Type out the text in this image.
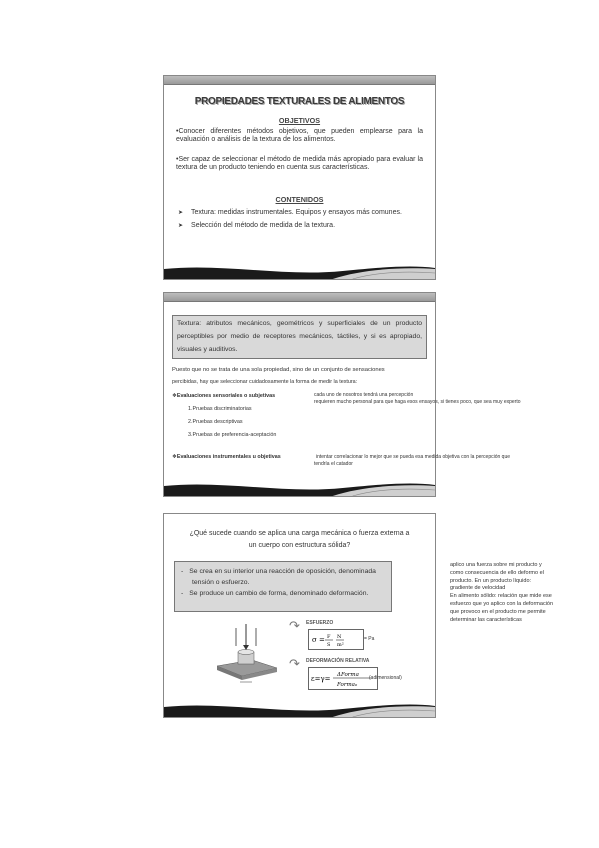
PROPIEDADES TEXTURALES DE ALIMENTOS
OBJETIVOS
•Conocer diferentes métodos objetivos, que pueden emplearse para la evaluación o análisis de la textura de los alimentos.
•Ser capaz de seleccionar el método de medida más apropiado para evaluar la textura de un producto teniendo en cuenta sus características.
CONTENIDOS
➤ Textura: medidas instrumentales. Equipos y ensayos más comunes.
➤ Selección del método de medida de la textura.
Textura: atributos mecánicos, geométricos y superficiales de un producto perceptibles por medio de receptores mecánicos, táctiles, y si es apropiado, visuales y auditivos.
Puesto que no se trata de una sola propiedad, sino de un conjunto de sensaciones
percibidas, hay que seleccionar cuidadosamente la forma de medir la textura:
❖Evaluaciones sensoriales o subjetivas	cada uno de nosotros tendrá una percepción
requieren mucho personal para que haga esos ensayos, si tienes poco, que sea muy experto
1.Pruebas discriminatorias
2.Pruebas descriptivas
3.Pruebas de preferencia-aceptación
❖Evaluaciones instrumentales u objetivas	intentar correlacionar lo mejor que se pueda esa medida objetiva con la percepción que
tendría el catador
¿Qué sucede cuando se aplica una carga mecánica o fuerza externa a
un cuerpo con estructura sólida?
- Se crea en su interior una reacción de oposición, denominada
tensión o esfuerzo.
- Se produce un cambio de forma, denominado deformación.
↷ ESFUERZO
σ = F
S
N
m²
= Pa
↷ DEFORMACIÓN RELATIVA
ε=γ= ΔForma
Forma₀
(adimensional)
aplico una fuerza sobre mi producto y
como consecuencia de ello deformo el
producto. En un producto líquido:
gradiente de velocidad
En alimento sólido: relación que mide ese
esfuerzo que yo aplico con la deformación
que provoco en el producto me permite
determinar las características
